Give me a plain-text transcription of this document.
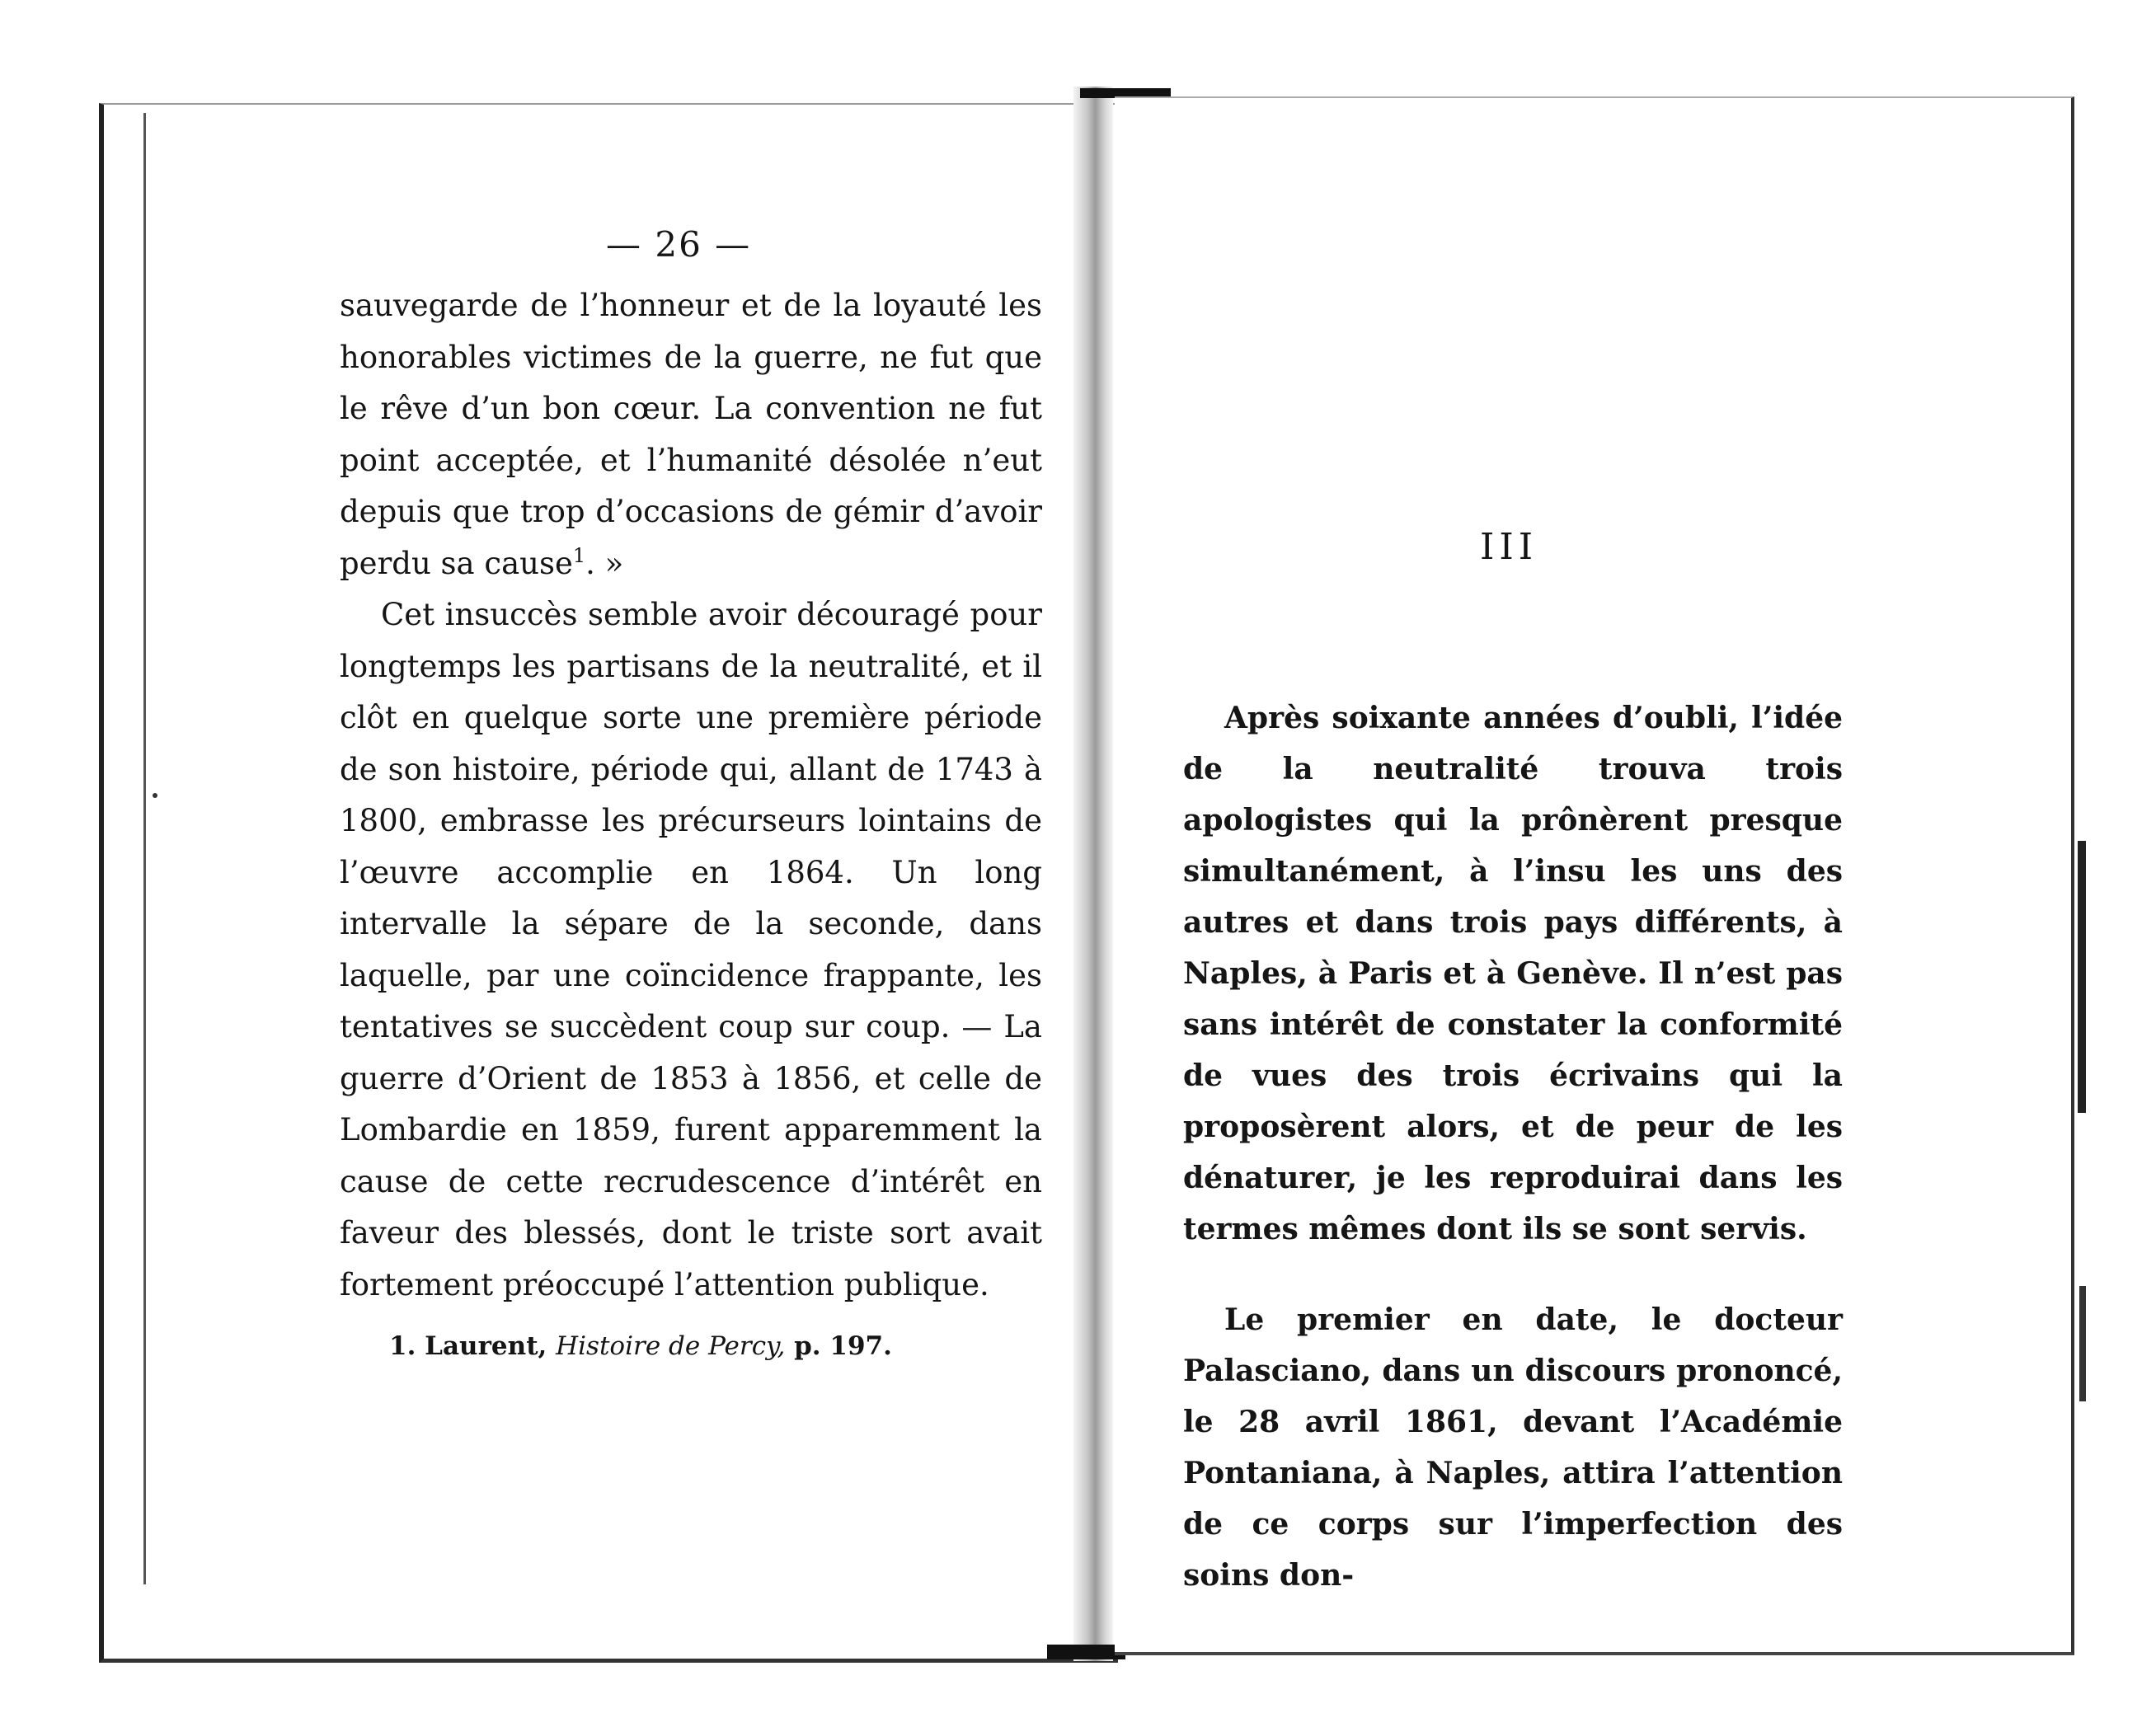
— 26 —

sauvegarde de l’honneur et de la loyauté les honorables victimes de la guerre, ne fut que le rêve d’un bon cœur. La convention ne fut point acceptée, et l’humanité désolée n’eut depuis que trop d’occasions de gémir d’avoir perdu sa cause$^1$. »

Cet insuccès semble avoir découragé pour longtemps les partisans de la neutralité, et il clôt en quelque sorte une première période de son histoire, période qui, allant de 1743 à 1800, embrasse les précurseurs lointains de l’œuvre accomplie en 1864. Un long intervalle la sépare de la seconde, dans laquelle, par une coïncidence frappante, les tentatives se succèdent coup sur coup. — La guerre d’Orient de 1853 à 1856, et celle de Lombardie en 1859, furent apparemment la cause de cette recrudescence d’intérêt en faveur des blessés, dont le triste sort avait fortement préoccupé l’attention publique.

1. Laurent, Histoire de Percy, p. 197.
III

Après soixante années d’oubli, l’idée de la neutralité trouva trois apologistes qui la prônèrent presque simultanément, à l’insu les uns des autres et dans trois pays différents, à Naples, à Paris et à Genève. Il n’est pas sans intérêt de constater la conformité de vues des trois écrivains qui la proposèrent alors, et de peur de les dénaturer, je les reproduirai dans les termes mêmes dont ils se sont servis.

Le premier en date, le docteur Palasciano, dans un discours prononcé, le 28 avril 1861, devant l’Académie Pontaniana, à Naples, attira l’attention de ce corps sur l’imperfection des soins don-
